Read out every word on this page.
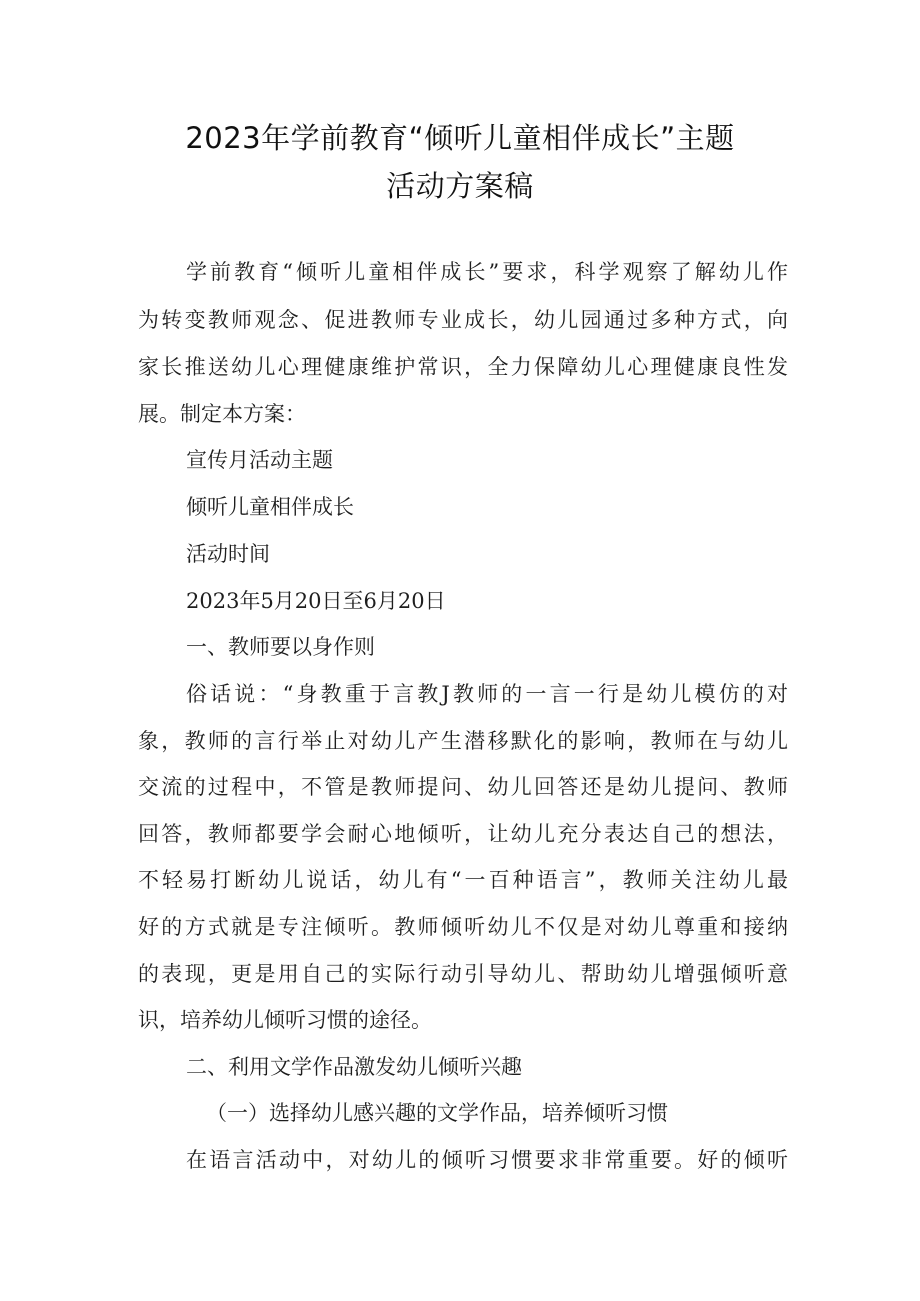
2023年学前教育“倾听儿童相伴成长”主题
活动方案稿
学前教育“倾听儿童相伴成长”要求，科学观察了解幼儿作
为转变教师观念、促进教师专业成长，幼儿园通过多种方式，向
家长推送幼儿心理健康维护常识，全力保障幼儿心理健康良性发
展。制定本方案：
宣传月活动主题
倾听儿童相伴成长
活动时间
2023年5月20日至6月20日
一、教师要以身作则
俗话说：“身教重于言教J教师的一言一行是幼儿模仿的对
象，教师的言行举止对幼儿产生潜移默化的影响，教师在与幼儿
交流的过程中，不管是教师提问、幼儿回答还是幼儿提问、教师
回答，教师都要学会耐心地倾听，让幼儿充分表达自己的想法，
不轻易打断幼儿说话，幼儿有“一百种语言”，教师关注幼儿最
好的方式就是专注倾听。教师倾听幼儿不仅是对幼儿尊重和接纳
的表现，更是用自己的实际行动引导幼儿、帮助幼儿增强倾听意
识，培养幼儿倾听习惯的途径。
二、利用文学作品激发幼儿倾听兴趣
（一）选择幼儿感兴趣的文学作品，培养倾听习惯
在语言活动中，对幼儿的倾听习惯要求非常重要。好的倾听
